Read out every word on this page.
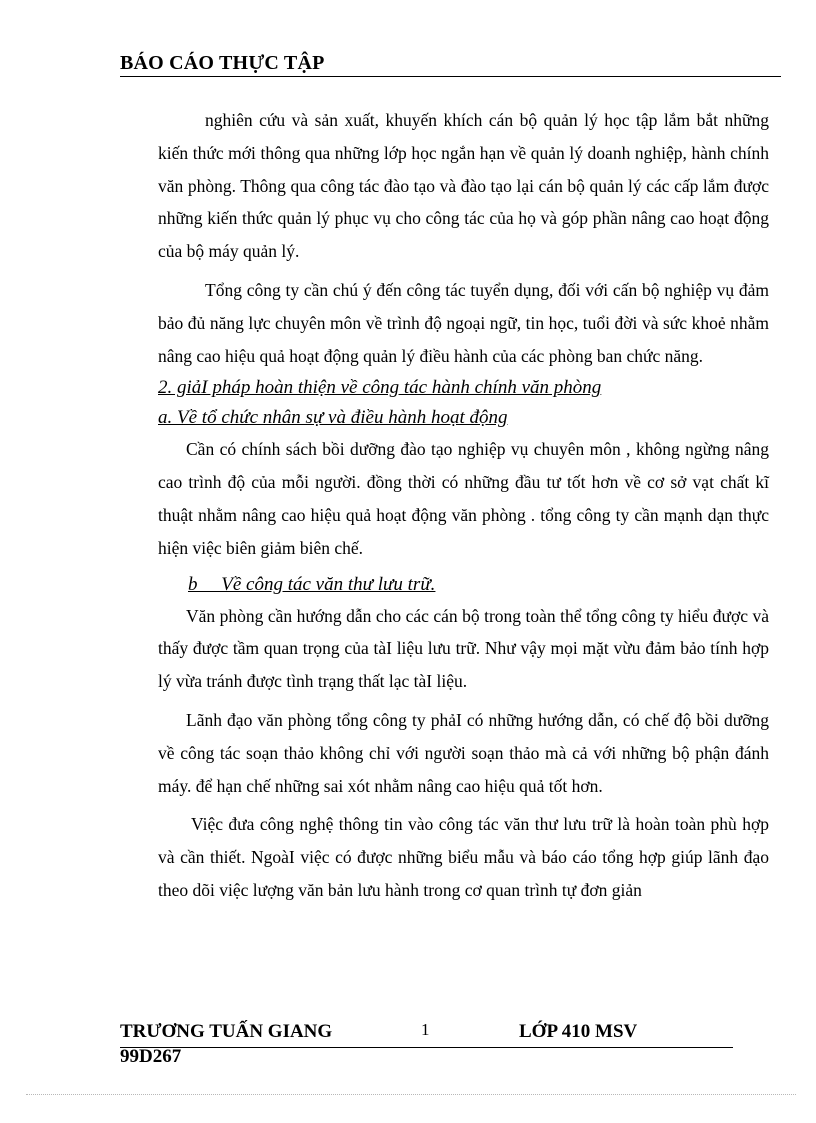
BÁO CÁO THỰC TẬP

nghiên cứu và sản xuất, khuyến khích cán bộ quản lý học tập lắm bắt những kiến thức mới thông qua những lớp học ngắn hạn về quản lý doanh nghiệp, hành chính văn phòng. Thông qua công tác đào tạo và đào tạo lại cán bộ quản lý các cấp lắm được những kiến thức quản lý phục vụ cho công tác của họ và góp phần nâng cao hoạt động của bộ máy quản lý.

Tổng công ty cần chú ý đến công tác tuyển dụng, đối với cấn bộ nghiệp vụ đảm bảo đủ năng lực chuyên môn về trình độ ngoại ngữ, tin học, tuổi đời và sức khoẻ nhằm nâng cao hiệu quả hoạt động quản lý điều hành của các phòng ban chức năng.

2. giảI pháp hoàn thiện về công tác hành chính văn phòng

a. Về tổ chức nhân sự và điều hành hoạt động

Cần có chính sách bồi dưỡng đào tạo nghiệp vụ chuyên môn , không ngừng nâng cao trình độ của mỗi người. đồng thời có những đầu tư tốt hơn về cơ sở vạt chất kĩ thuật nhằm nâng cao hiệu quả hoạt động văn phòng . tổng công ty cần mạnh dạn thực hiện việc biên giảm biên chế.

b     Về công tác văn thư lưu trữ.

Văn phòng cần hướng dẫn cho các cán bộ trong toàn thể tổng công ty hiểu được và thấy được tầm quan trọng của tàI liệu lưu trữ. Như vậy mọi mặt vừu đảm bảo tính hợp lý vừa tránh được tình trạng thất lạc tàI liệu.

Lãnh đạo văn phòng tổng công ty phảI có những hướng dẫn, có chế độ bồi dưỡng về công tác soạn thảo không chỉ với người soạn thảo mà cả với những bộ phận đánh máy. để hạn chế những sai xót nhằm nâng cao hiệu quả tốt hơn.

Việc đưa công nghệ thông tin vào công tác văn thư lưu trữ là hoàn toàn phù hợp và cần thiết. NgoàI việc có được những biểu mẫu và báo cáo tổng hợp giúp lãnh đạo theo dõi việc lượng văn bản lưu hành trong cơ quan trình tự đơn giản

TRƯƠNG TUẤN GIANG	1	LỚP 410 MSV
99D267
